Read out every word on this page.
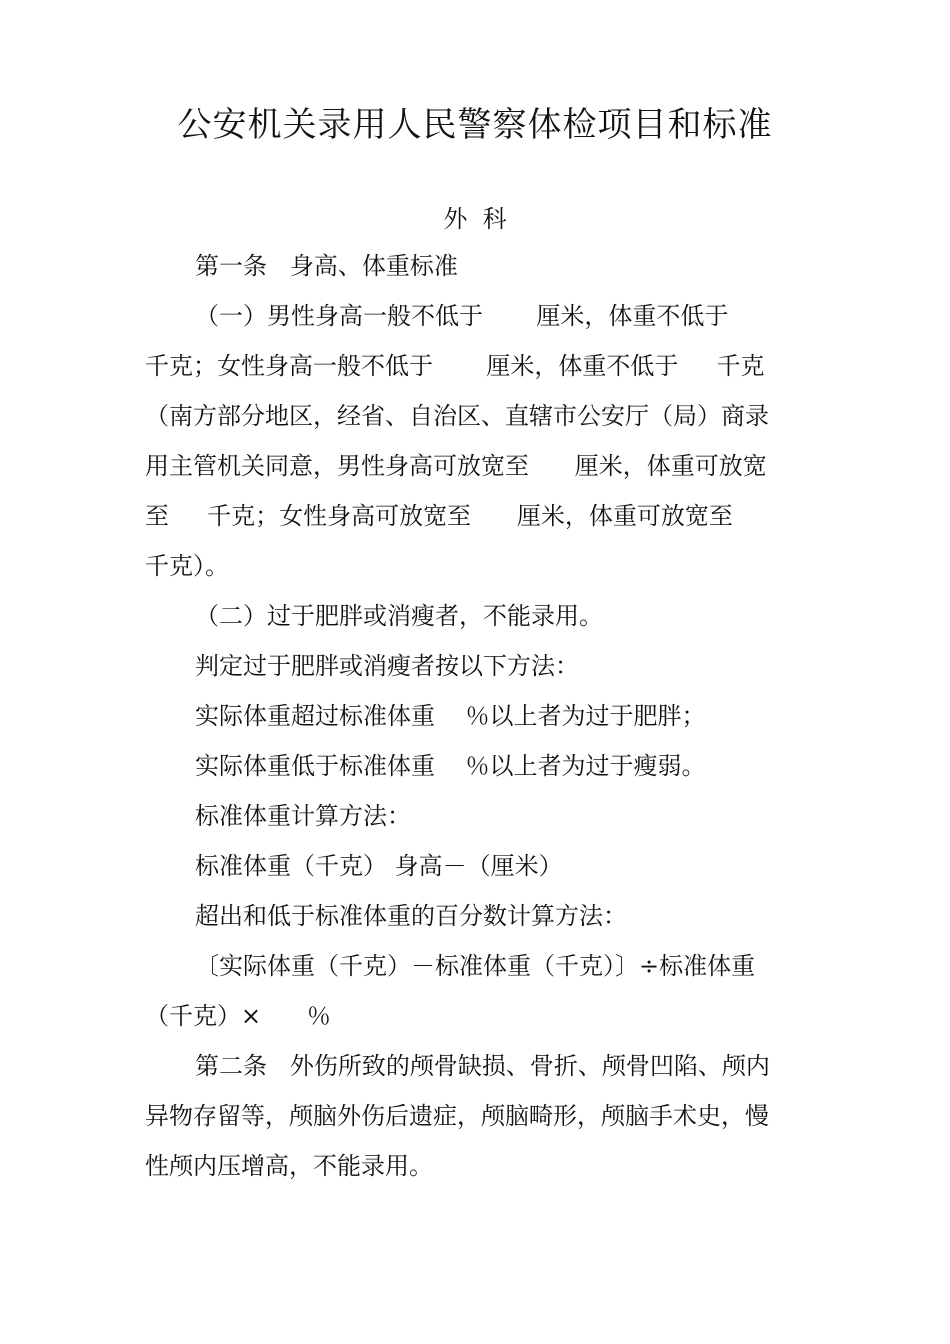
公安机关录用人民警察体检项目和标准
外  科
第一条   身高、体重标准
（一）男性身高一般不低于       厘米，体重不低于
千克；女性身高一般不低于       厘米，体重不低于     千克
（南方部分地区，经省、自治区、直辖市公安厅（局）商录
用主管机关同意，男性身高可放宽至      厘米，体重可放宽
至     千克；女性身高可放宽至      厘米，体重可放宽至
千克）。
（二）过于肥胖或消瘦者，不能录用。
判定过于肥胖或消瘦者按以下方法：
实际体重超过标准体重    ％以上者为过于肥胖；
实际体重低于标准体重    ％以上者为过于瘦弱。
标准体重计算方法：
标准体重（千克） 身高－（厘米）
超出和低于标准体重的百分数计算方法：
〔实际体重（千克）－标准体重（千克）〕÷标准体重
（千克）×      ％
第二条   外伤所致的颅骨缺损、骨折、颅骨凹陷、颅内
异物存留等，颅脑外伤后遗症，颅脑畸形，颅脑手术史，慢
性颅内压增高，不能录用。
